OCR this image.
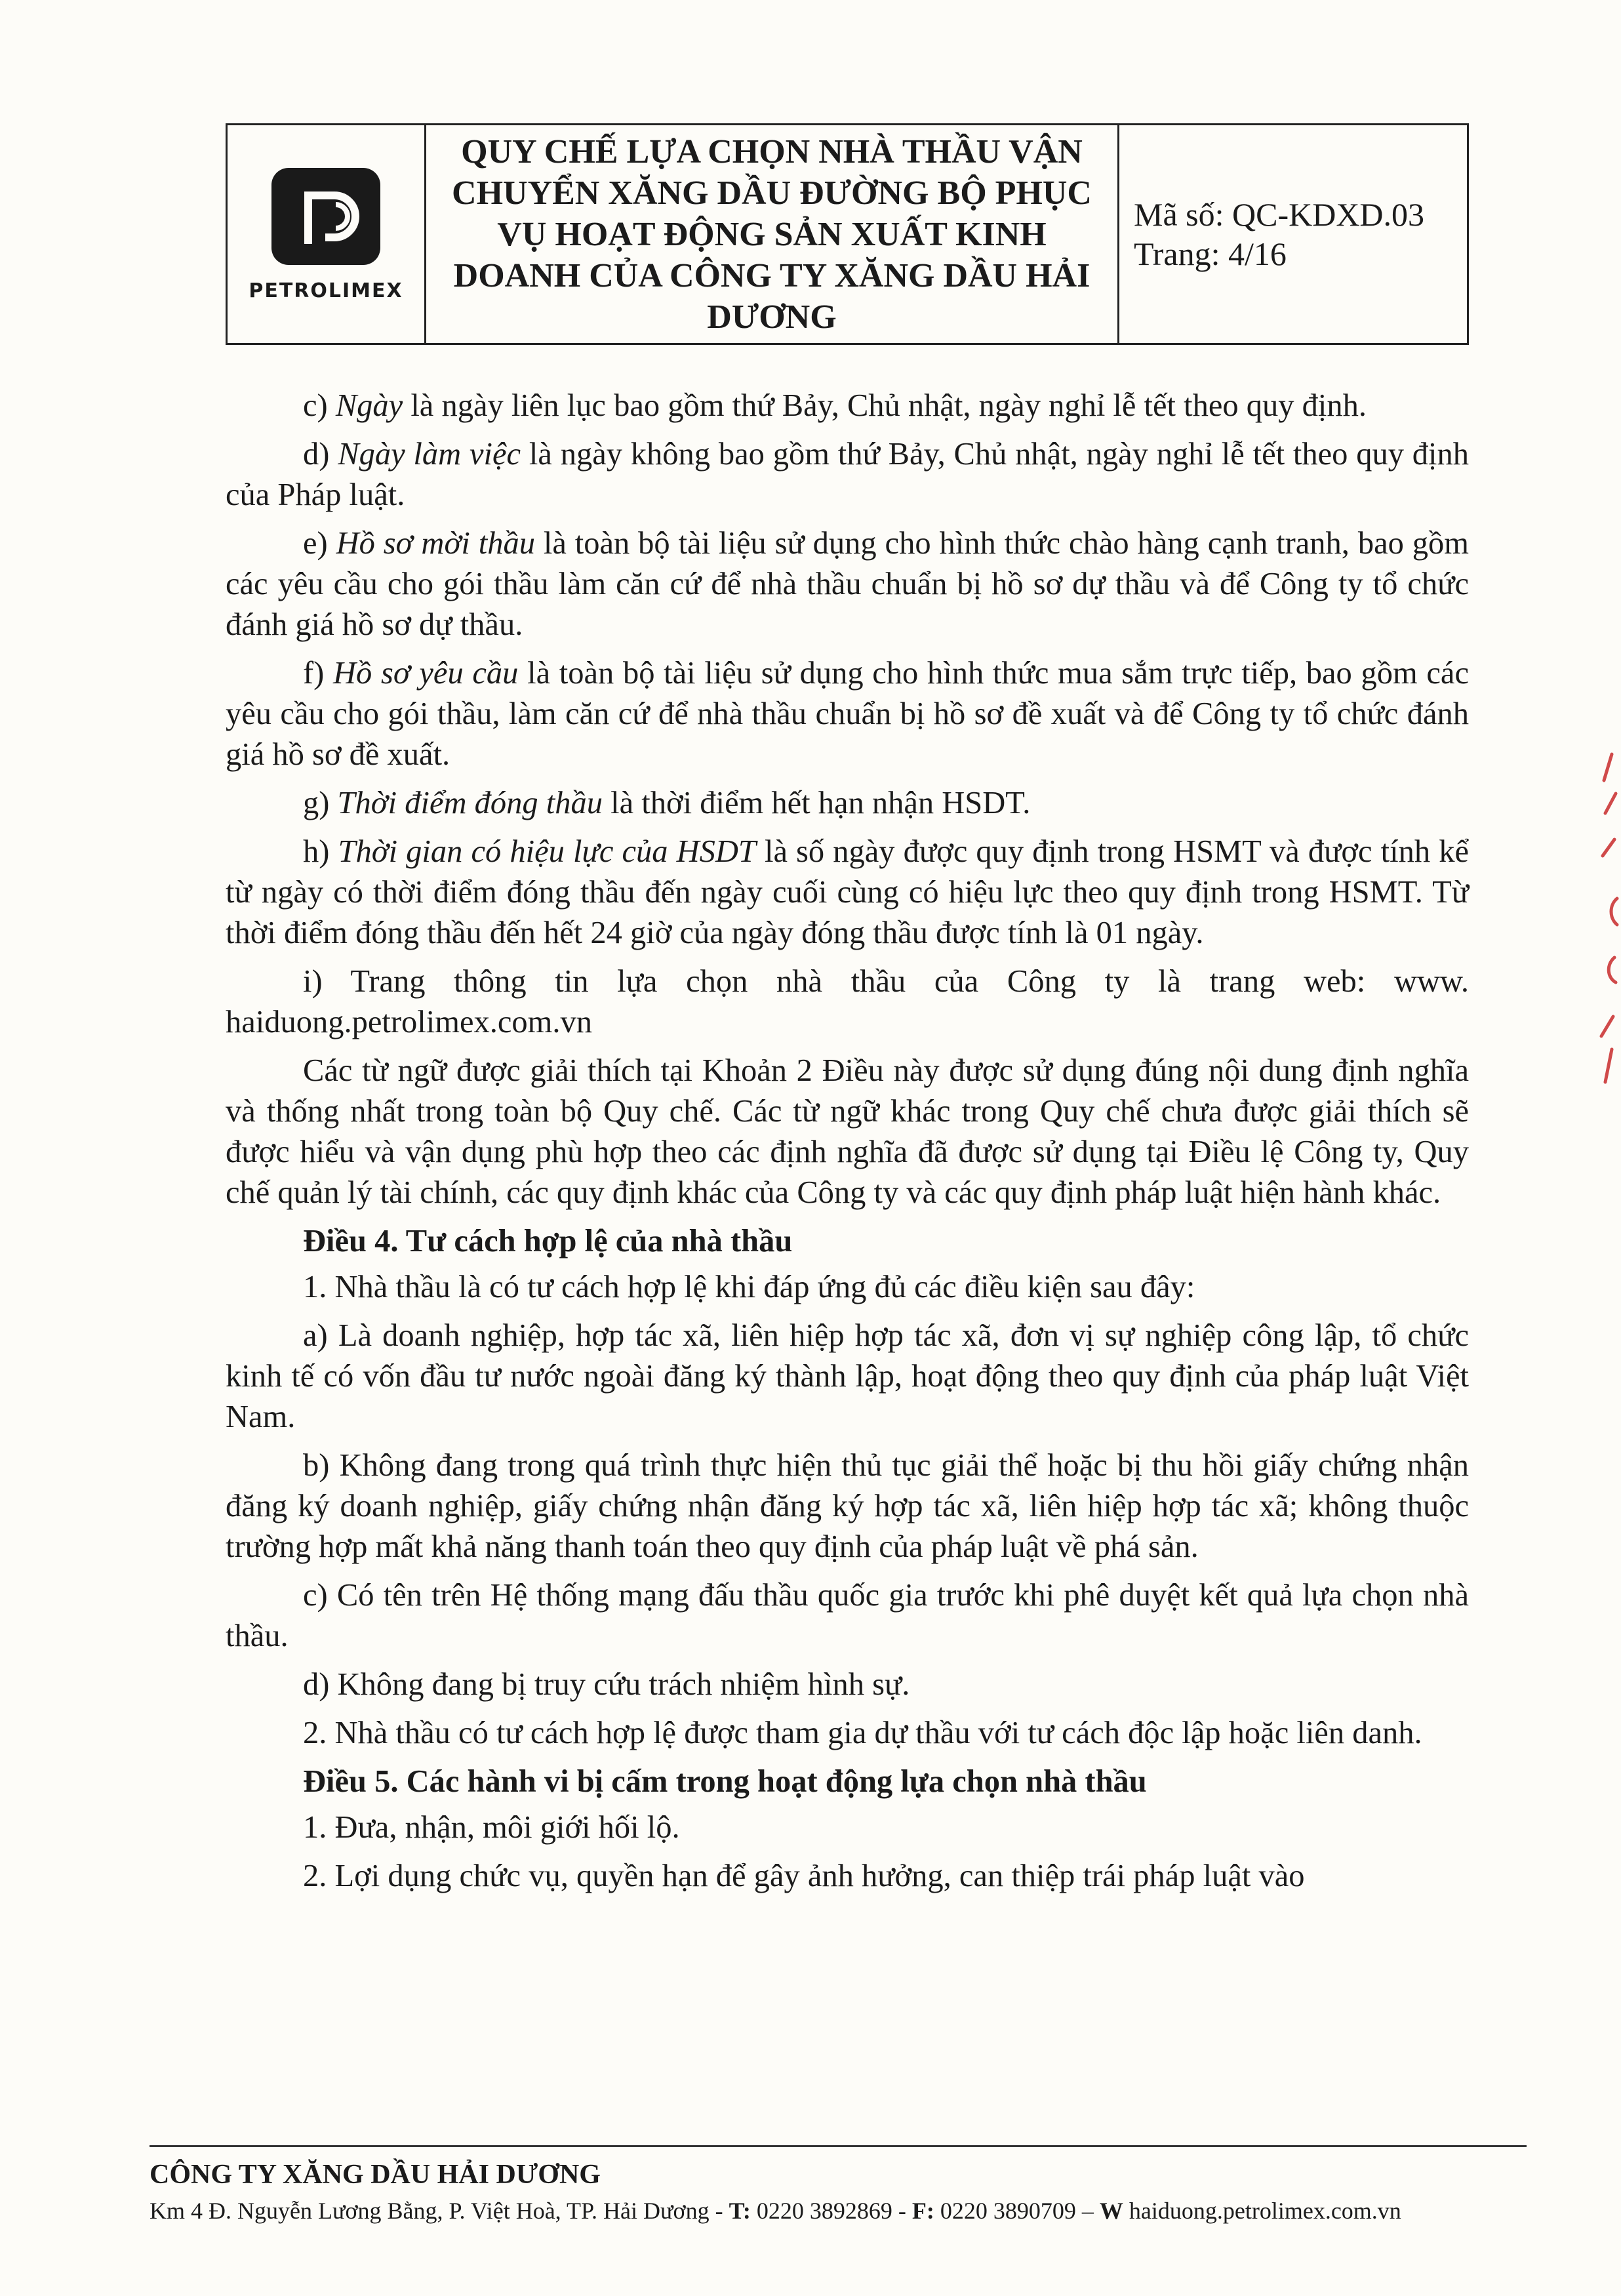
PETROLIMEX
QUY CHẾ LỰA CHỌN NHÀ THẦU VẬN CHUYỂN XĂNG DẦU ĐƯỜNG BỘ PHỤC VỤ HOẠT ĐỘNG SẢN XUẤT KINH DOANH CỦA CÔNG TY XĂNG DẦU HẢI DƯƠNG
Mã số: QC-KDXD.03
Trang: 4/16

c) Ngày là ngày liên lục bao gồm thứ Bảy, Chủ nhật, ngày nghỉ lễ tết theo quy định.

d) Ngày làm việc là ngày không bao gồm thứ Bảy, Chủ nhật, ngày nghỉ lễ tết theo quy định của Pháp luật.

e) Hồ sơ mời thầu là toàn bộ tài liệu sử dụng cho hình thức chào hàng cạnh tranh, bao gồm các yêu cầu cho gói thầu làm căn cứ để nhà thầu chuẩn bị hồ sơ dự thầu và để Công ty tổ chức đánh giá hồ sơ dự thầu.

f) Hồ sơ yêu cầu là toàn bộ tài liệu sử dụng cho hình thức mua sắm trực tiếp, bao gồm các yêu cầu cho gói thầu, làm căn cứ để nhà thầu chuẩn bị hồ sơ đề xuất và để Công ty tổ chức đánh giá hồ sơ đề xuất.

g) Thời điểm đóng thầu là thời điểm hết hạn nhận HSDT.

h) Thời gian có hiệu lực của HSDT là số ngày được quy định trong HSMT và được tính kể từ ngày có thời điểm đóng thầu đến ngày cuối cùng có hiệu lực theo quy định trong HSMT. Từ thời điểm đóng thầu đến hết 24 giờ của ngày đóng thầu được tính là 01 ngày.

i) Trang thông tin lựa chọn nhà thầu của Công ty là trang web: www. haiduong.petrolimex.com.vn

Các từ ngữ được giải thích tại Khoản 2 Điều này được sử dụng đúng nội dung định nghĩa và thống nhất trong toàn bộ Quy chế. Các từ ngữ khác trong Quy chế chưa được giải thích sẽ được hiểu và vận dụng phù hợp theo các định nghĩa đã được sử dụng tại Điều lệ Công ty, Quy chế quản lý tài chính, các quy định khác của Công ty và các quy định pháp luật hiện hành khác.

Điều 4. Tư cách hợp lệ của nhà thầu

1. Nhà thầu là có tư cách hợp lệ khi đáp ứng đủ các điều kiện sau đây:

a) Là doanh nghiệp, hợp tác xã, liên hiệp hợp tác xã, đơn vị sự nghiệp công lập, tổ chức kinh tế có vốn đầu tư nước ngoài đăng ký thành lập, hoạt động theo quy định của pháp luật Việt Nam.

b) Không đang trong quá trình thực hiện thủ tục giải thể hoặc bị thu hồi giấy chứng nhận đăng ký doanh nghiệp, giấy chứng nhận đăng ký hợp tác xã, liên hiệp hợp tác xã; không thuộc trường hợp mất khả năng thanh toán theo quy định của pháp luật về phá sản.

c) Có tên trên Hệ thống mạng đấu thầu quốc gia trước khi phê duyệt kết quả lựa chọn nhà thầu.

d) Không đang bị truy cứu trách nhiệm hình sự.

2. Nhà thầu có tư cách hợp lệ được tham gia dự thầu với tư cách độc lập hoặc liên danh.

Điều 5. Các hành vi bị cấm trong hoạt động lựa chọn nhà thầu

1. Đưa, nhận, môi giới hối lộ.

2. Lợi dụng chức vụ, quyền hạn để gây ảnh hưởng, can thiệp trái pháp luật vào

CÔNG TY XĂNG DẦU HẢI DƯƠNG
Km 4 Đ. Nguyễn Lương Bằng, P. Việt Hoà, TP. Hải Dương - T: 0220 3892869 - F: 0220 3890709 – W haiduong.petrolimex.com.vn
